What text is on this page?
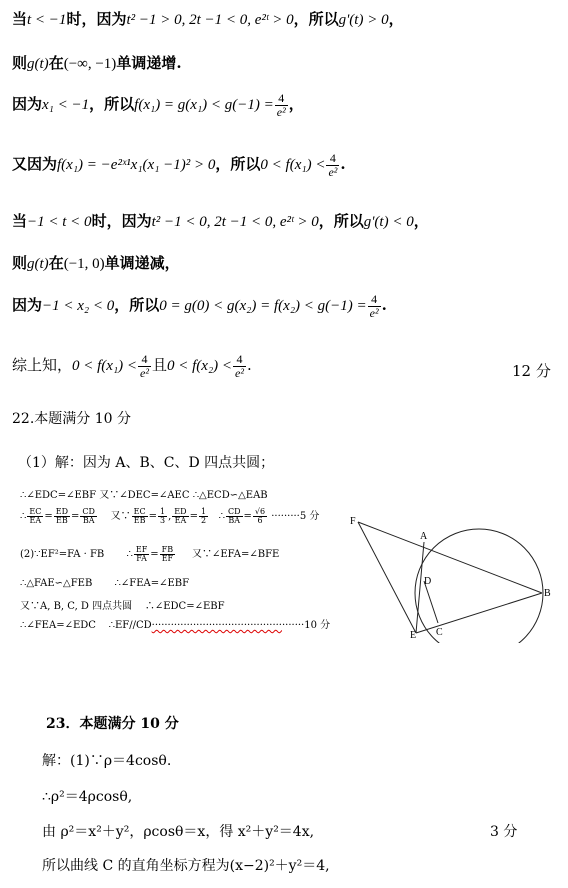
当t < −1时，因为t² −1 > 0, 2t −1 < 0, e²ᵗ > 0，所以g'(t) > 0，
则g(t)在(−∞, −1)单调递增.
因为x₁ < −1，所以$f(x_1) = g(x_1) < g(-1) = \frac{4}{\text{e²}}$ ，
又因为f(x₁) = −e²ˣ¹x₁(x₁ −1)² > 0，所以$0 < f(x_1) < \frac{4}{\text{e²}}$ .
当−1 < t < 0时，因为t² −1 < 0, 2t −1 < 0, e²ᵗ > 0，所以g'(t) < 0，
则g(t)在(−1, 0)单调递减，
因为−1 < x₂ < 0，所以$0 = g(0) < g(x_2) = f(x_2) < g(-1) = \frac{4}{\text{e²}}$ .
综上知，$0 < f(x_1) < \frac{4}{\text{e²}}$ 且$0 < f(x_2) < \frac{4}{\text{e²}}$ .	12 分
22.本题满分 10 分
（1）解：因为 A、B、C、D 四点共圆；
∴∠EDC=∠EBF 又∵∠DEC=∠AEC ∴△ECD∽△EAB
∴ $\frac{EC}{EA} = \frac{ED}{EB} = \frac{CD}{BA}$ 又∵ $\frac{EC}{EB} = \frac{1}{3}$ , $\frac{ED}{EA} = \frac{1}{2}$ ∴ $\frac{CD}{BA} = \frac{√6}{6} \cdot\cdot\cdot\cdot\cdot\cdot\cdot\cdot\cdot 5$ 分
(2)∵EF²=FA · FB       ∴ $\frac{EF}{FA} = \frac{FB}{EF}$ 又∵∠EFA=∠BFE
∴△FAE∽△FEB       ∴∠FEA=∠EBF
又∵A, B, C, D 四点共圆    ∴∠EDC=∠EBF
∴∠FEA=∠EDC    ∴EF//CD················································10 分
F
A
D
B
E C
23．本题满分 10 分
解：(1)∵ρ＝4cosθ.
∴ρ²＝4ρcosθ,
由 ρ²＝x²＋y²，ρcosθ＝x，得 x²＋y²＝4x,	3 分
所以曲线 C 的直角坐标方程为(x−2)²＋y²＝4,
